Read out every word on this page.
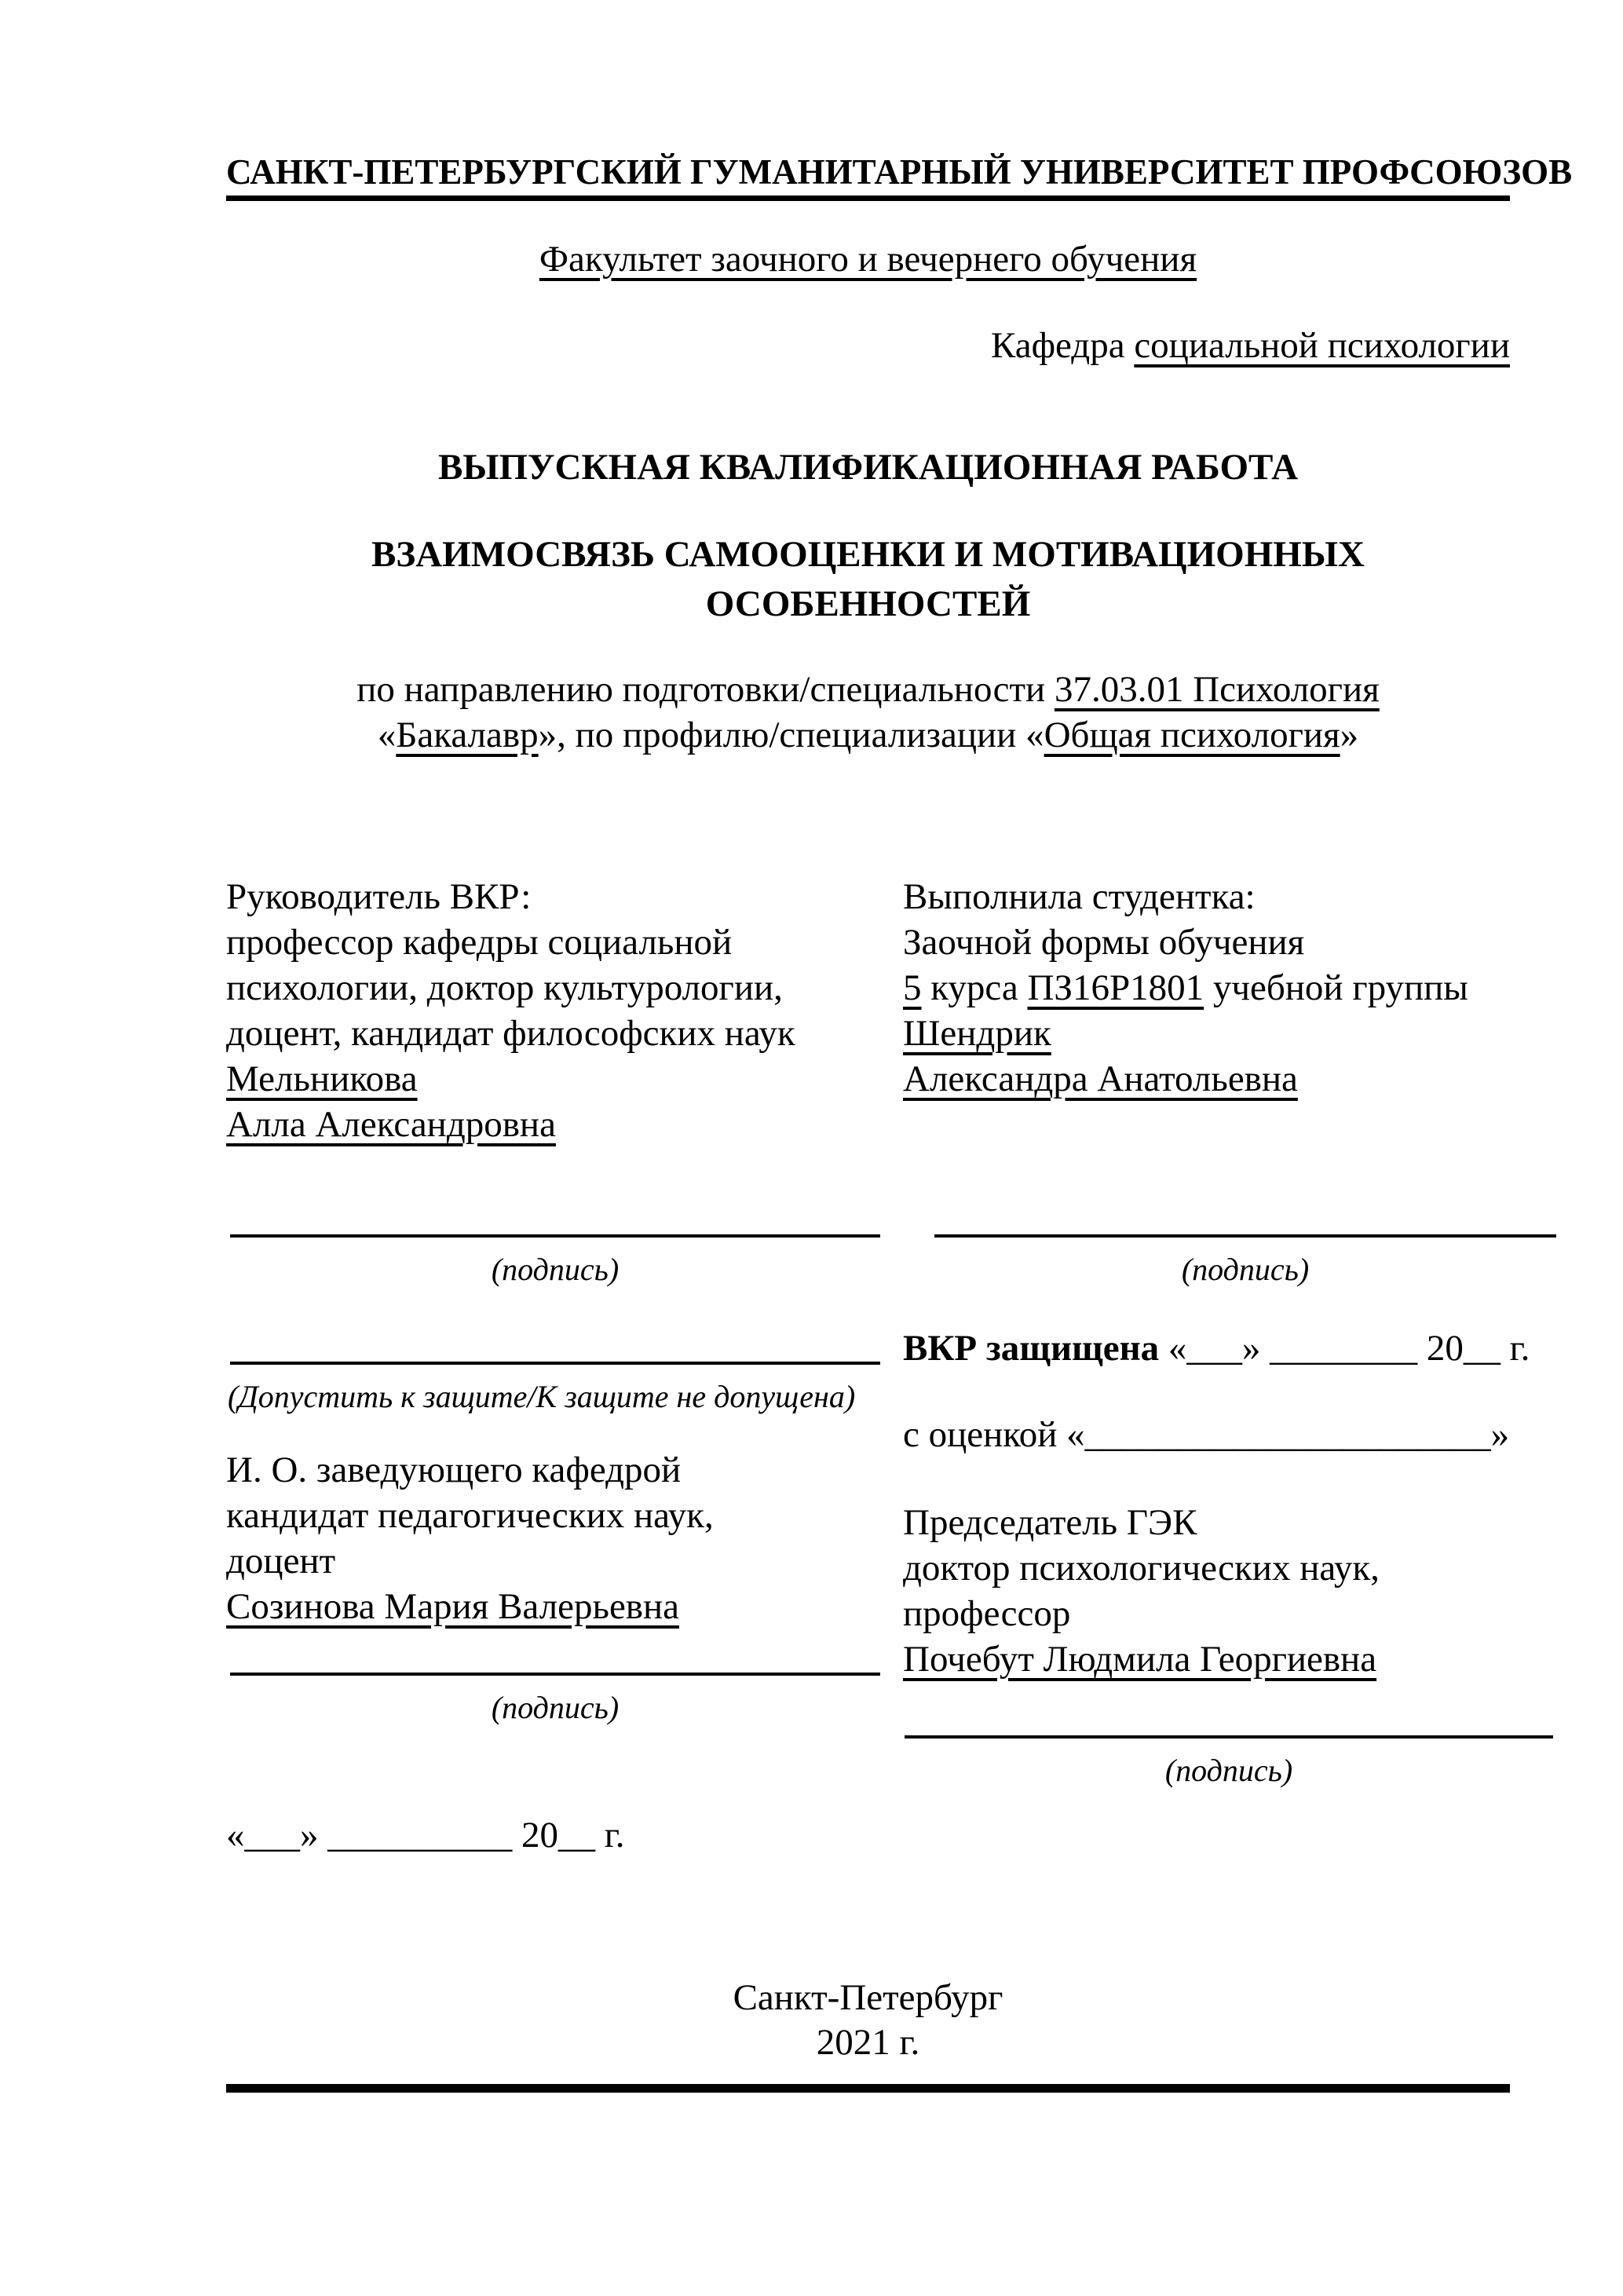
САНКТ-ПЕТЕРБУРГСКИЙ ГУМАНИТАРНЫЙ УНИВЕРСИТЕТ ПРОФСОЮЗОВ
Факультет заочного и вечернего обучения
Кафедра социальной психологии
ВЫПУСКНАЯ КВАЛИФИКАЦИОННАЯ РАБОТА
ВЗАИМОСВЯЗЬ САМООЦЕНКИ И МОТИВАЦИОННЫХ
ОСОБЕННОСТЕЙ
по направлению подготовки/специальности 37.03.01 Психология
«Бакалавр», по профилю/специализации «Общая психология»
Руководитель ВКР:
профессор кафедры социальной
психологии, доктор культурологии,
доцент, кандидат философских наук
Мельникова
Алла Александровна
Выполнила студентка:
Заочной формы обучения
5 курса ПЗ16Р1801 учебной группы
Шендрик
Александра Анатольевна
(подпись)	(подпись)
(Допустить к защите/К защите не допущена)
ВКР защищена «___» ________ 20__ г.
с оценкой «______________________»
И. О. заведующего кафедрой
кандидат педагогических наук,
доцент
Созинова Мария Валерьевна
Председатель ГЭК
доктор психологических наук,
профессор
Почебут Людмила Георгиевна
(подпись)
(подпись)
«___» __________ 20__ г.
Санкт-Петербург
2021 г.
